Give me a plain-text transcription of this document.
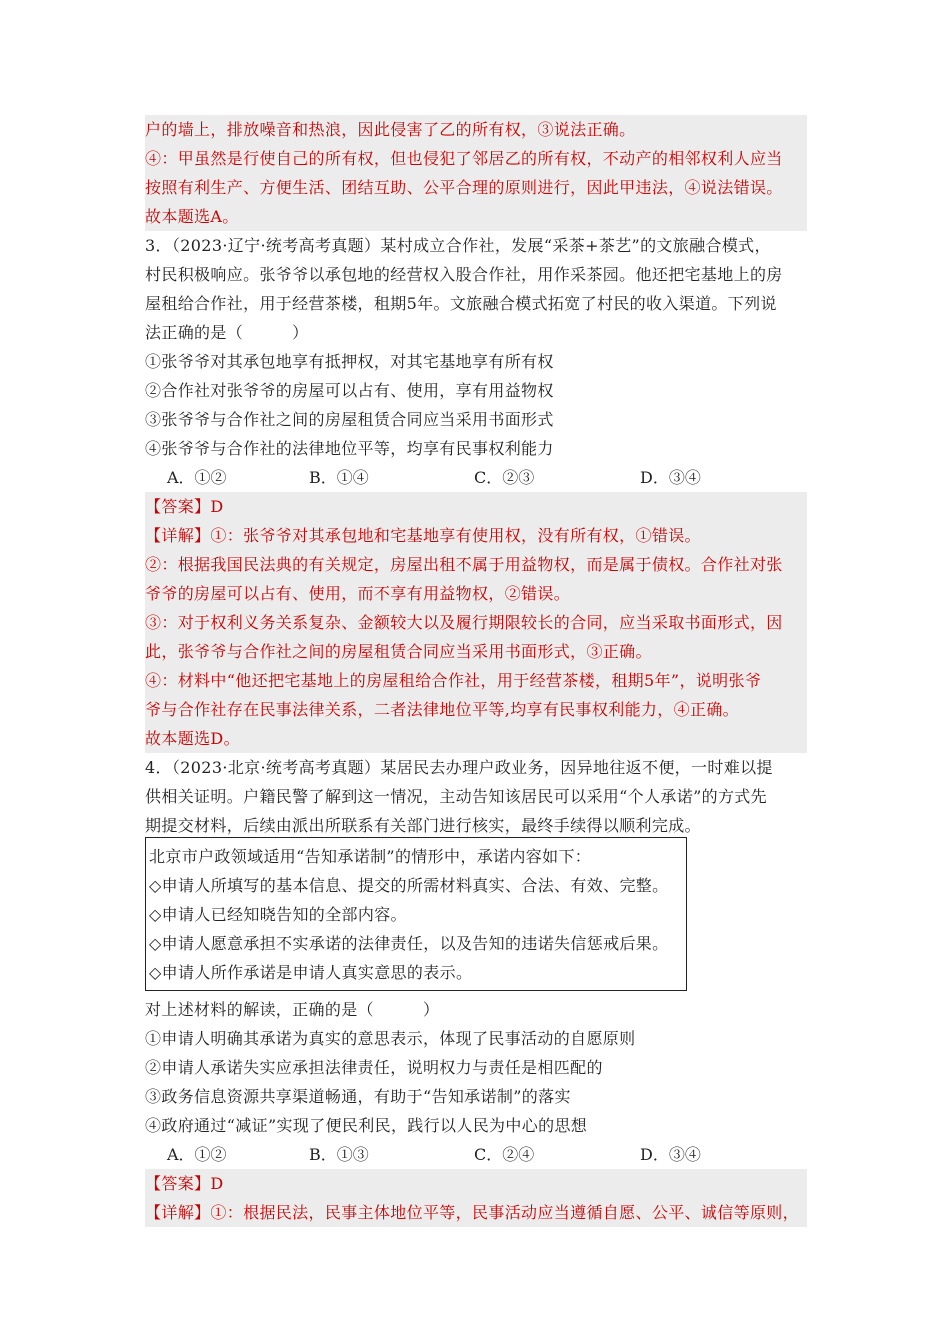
户的墙上，排放噪音和热浪，因此侵害了乙的所有权，③说法正确。
④：甲虽然是行使自己的所有权，但也侵犯了邻居乙的所有权，不动产的相邻权利人应当
按照有利生产、方便生活、团结互助、公平合理的原则进行，因此甲违法，④说法错误。
故本题选A。
3．（2023·辽宁·统考高考真题）某村成立合作社，发展“采茶+茶艺”的文旅融合模式，
村民积极响应。张爷爷以承包地的经营权入股合作社，用作采茶园。他还把宅基地上的房
屋租给合作社，用于经营茶楼，租期5年。文旅融合模式拓宽了村民的收入渠道。下列说
法正确的是（　　　）
①张爷爷对其承包地享有抵押权，对其宅基地享有所有权
②合作社对张爷爷的房屋可以占有、使用，享有用益物权
③张爷爷与合作社之间的房屋租赁合同应当采用书面形式
④张爷爷与合作社的法律地位平等，均享有民事权利能力
A．①②	B．①④	C．②③	D．③④
【答案】D
【详解】①：张爷爷对其承包地和宅基地享有使用权，没有所有权，①错误。
②：根据我国民法典的有关规定，房屋出租不属于用益物权，而是属于债权。合作社对张
爷爷的房屋可以占有、使用，而不享有用益物权，②错误。
③：对于权利义务关系复杂、金额较大以及履行期限较长的合同，应当采取书面形式，因
此，张爷爷与合作社之间的房屋租赁合同应当采用书面形式，③正确。
④：材料中“他还把宅基地上的房屋租给合作社，用于经营茶楼，租期5年”，说明张爷
爷与合作社存在民事法律关系，二者法律地位平等,均享有民事权利能力，④正确。
故本题选D。
4．（2023·北京·统考高考真题）某居民去办理户政业务，因异地往返不便，一时难以提
供相关证明。户籍民警了解到这一情况，主动告知该居民可以采用“个人承诺”的方式先
期提交材料，后续由派出所联系有关部门进行核实，最终手续得以顺利完成。
北京市户政领域适用“告知承诺制”的情形中，承诺内容如下：
◇申请人所填写的基本信息、提交的所需材料真实、合法、有效、完整。
◇申请人已经知晓告知的全部内容。
◇申请人愿意承担不实承诺的法律责任，以及告知的违诺失信惩戒后果。
◇申请人所作承诺是申请人真实意思的表示。
对上述材料的解读，正确的是（　　　）
①申请人明确其承诺为真实的意思表示，体现了民事活动的自愿原则
②申请人承诺失实应承担法律责任，说明权力与责任是相匹配的
③政务信息资源共享渠道畅通，有助于“告知承诺制”的落实
④政府通过“减证”实现了便民利民，践行以人民为中心的思想
A．①②	B．①③	C．②④	D．③④
【答案】D
【详解】①：根据民法，民事主体地位平等，民事活动应当遵循自愿、公平、诚信等原则，
